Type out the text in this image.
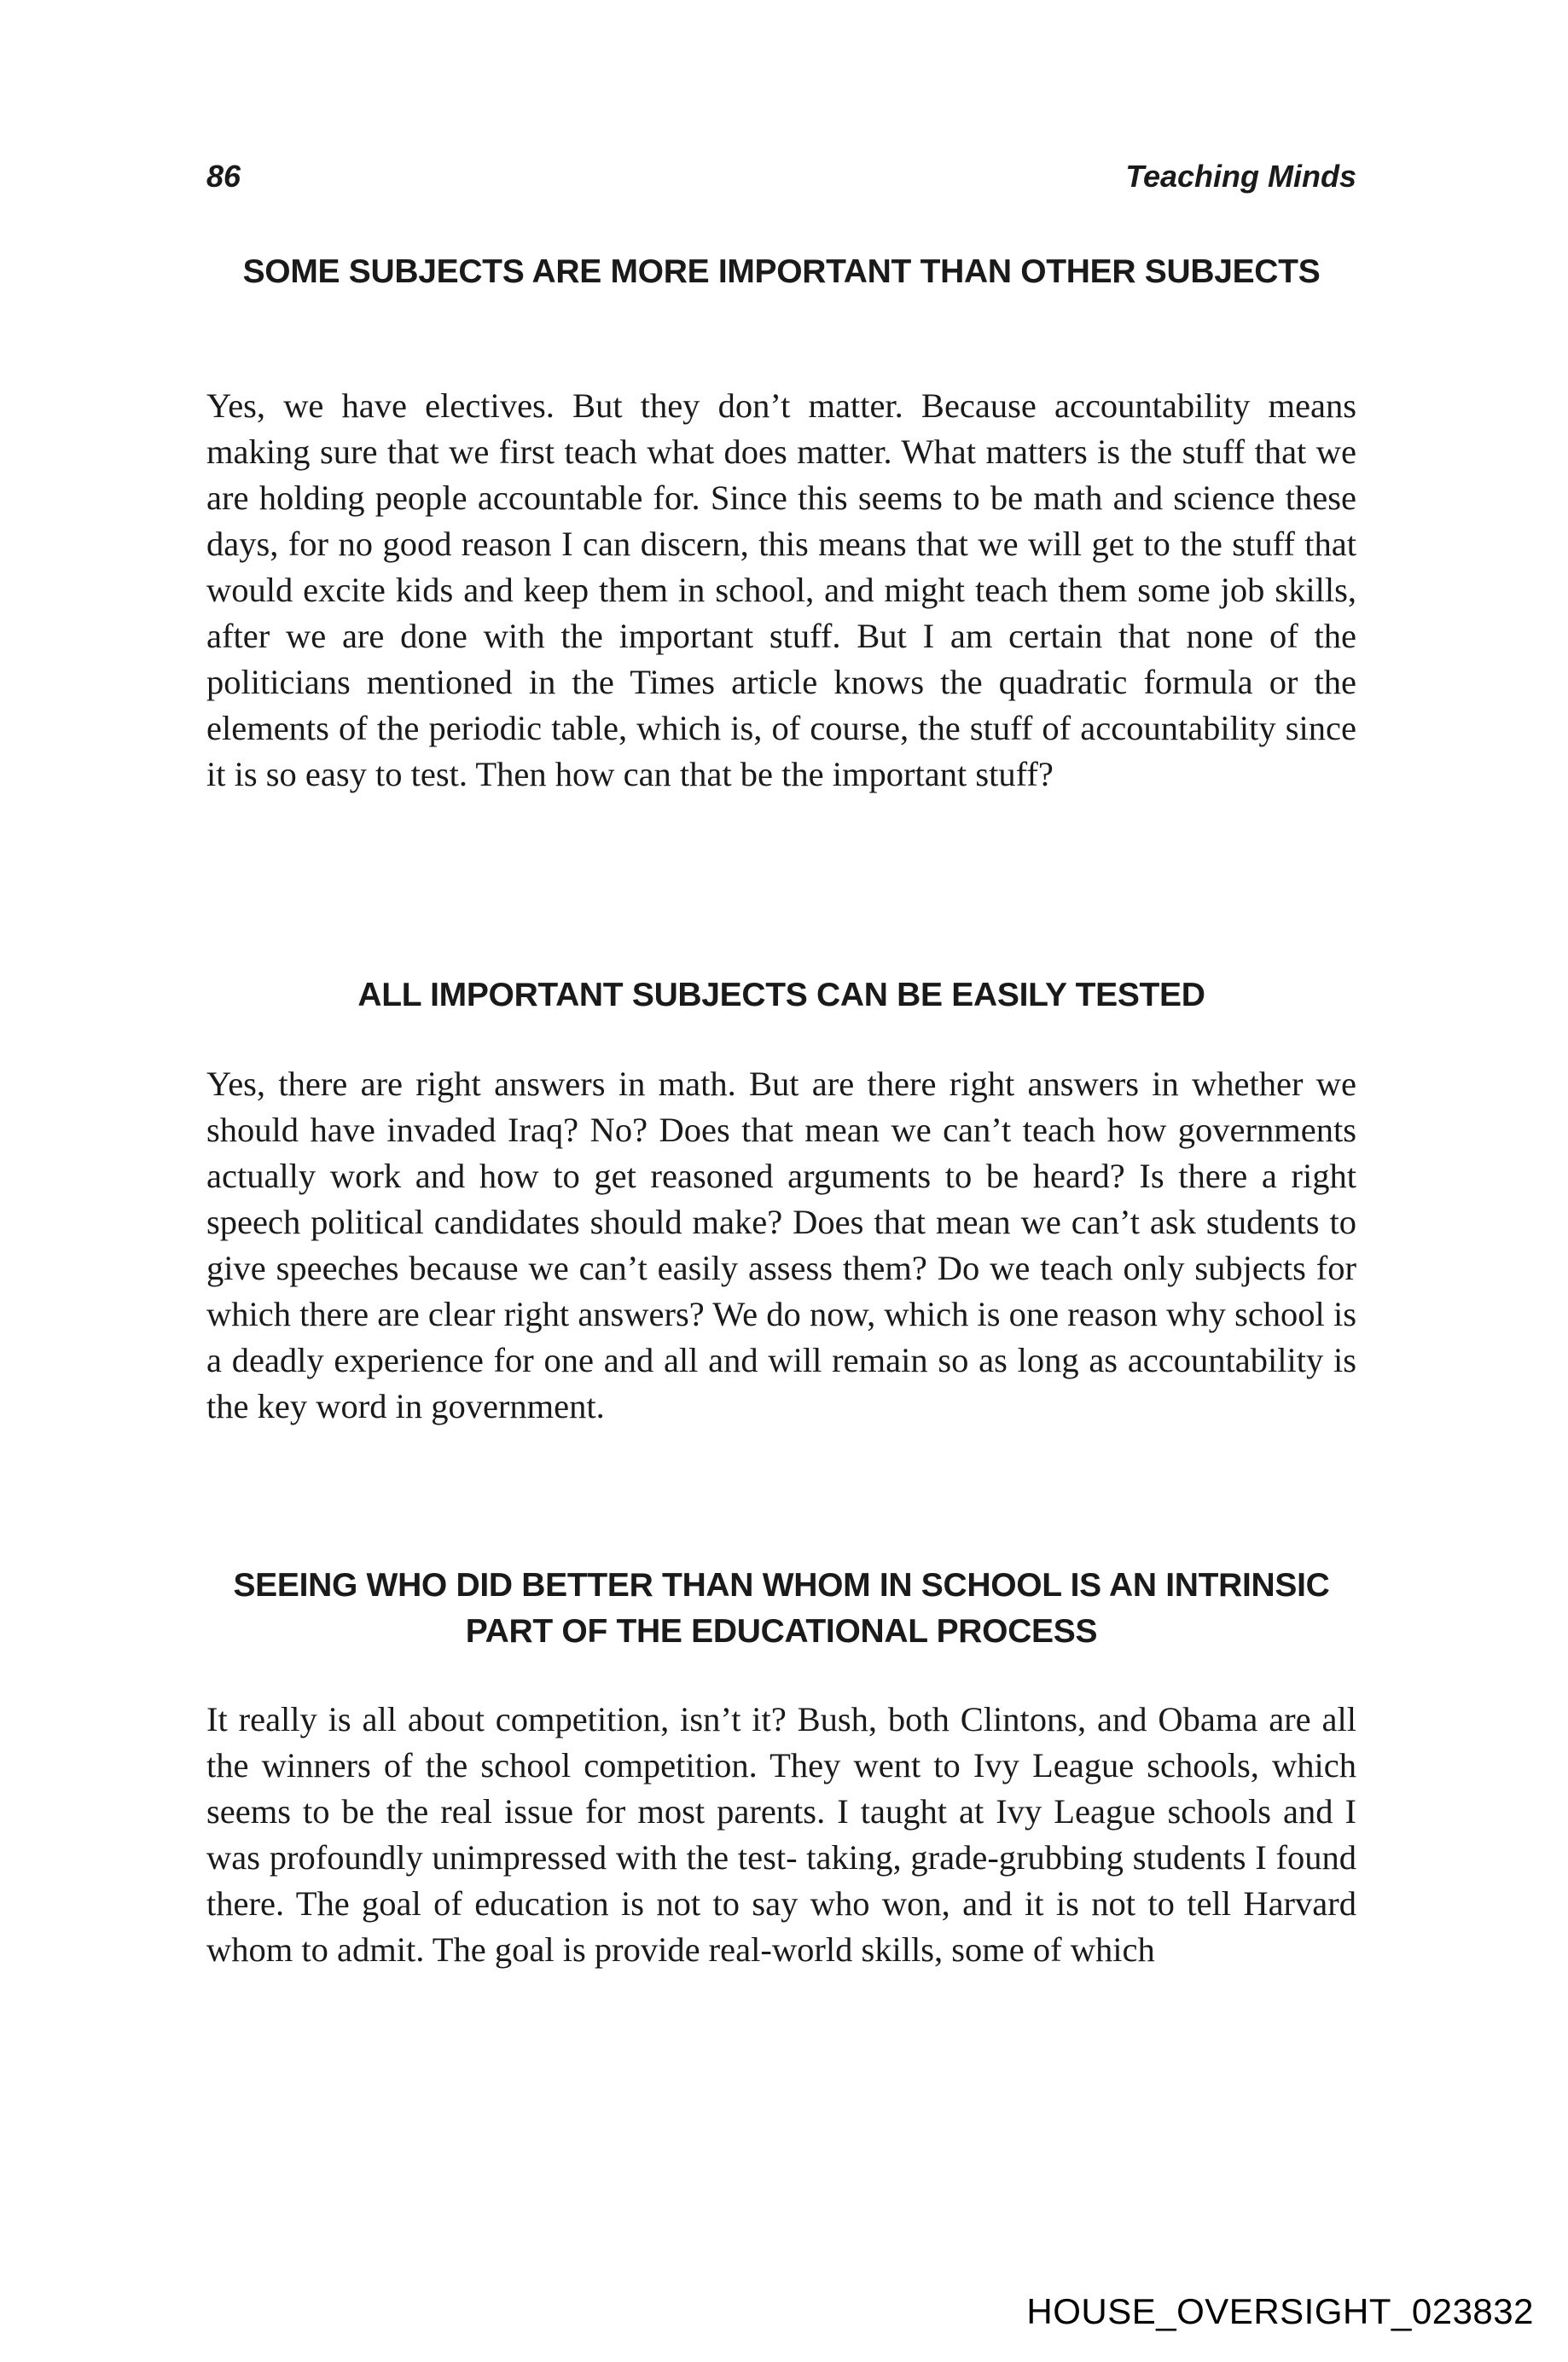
86	Teaching Minds
SOME SUBJECTS ARE MORE IMPORTANT THAN OTHER SUBJECTS

Yes, we have electives. But they don’t matter. Because accountability means making sure that we first teach what does matter. What matters is the stuff that we are holding people accountable for. Since this seems to be math and science these days, for no good reason I can discern, this means that we will get to the stuff that would excite kids and keep them in school, and might teach them some job skills, after we are done with the important stuff. But I am certain that none of the politicians mentioned in the Times article knows the quadratic formula or the elements of the periodic table, which is, of course, the stuff of accountability since it is so easy to test. Then how can that be the important stuff?

ALL IMPORTANT SUBJECTS CAN BE EASILY TESTED

Yes, there are right answers in math. But are there right answers in whether we should have invaded Iraq? No? Does that mean we can’t teach how governments actually work and how to get reasoned arguments to be heard? Is there a right speech political candidates should make? Does that mean we can’t ask students to give speeches because we can’t easily assess them? Do we teach only subjects for which there are clear right answers? We do now, which is one reason why school is a deadly experience for one and all and will remain so as long as accountability is the key word in government.

SEEING WHO DID BETTER THAN WHOM IN SCHOOL IS AN INTRINSIC PART OF THE EDUCATIONAL PROCESS

It really is all about competition, isn’t it? Bush, both Clintons, and Obama are all the winners of the school competition. They went to Ivy League schools, which seems to be the real issue for most parents. I taught at Ivy League schools and I was profoundly unimpressed with the test- taking, grade-grubbing students I found there. The goal of education is not to say who won, and it is not to tell Harvard whom to admit. The goal is provide real-world skills, some of which

HOUSE_OVERSIGHT_023832
